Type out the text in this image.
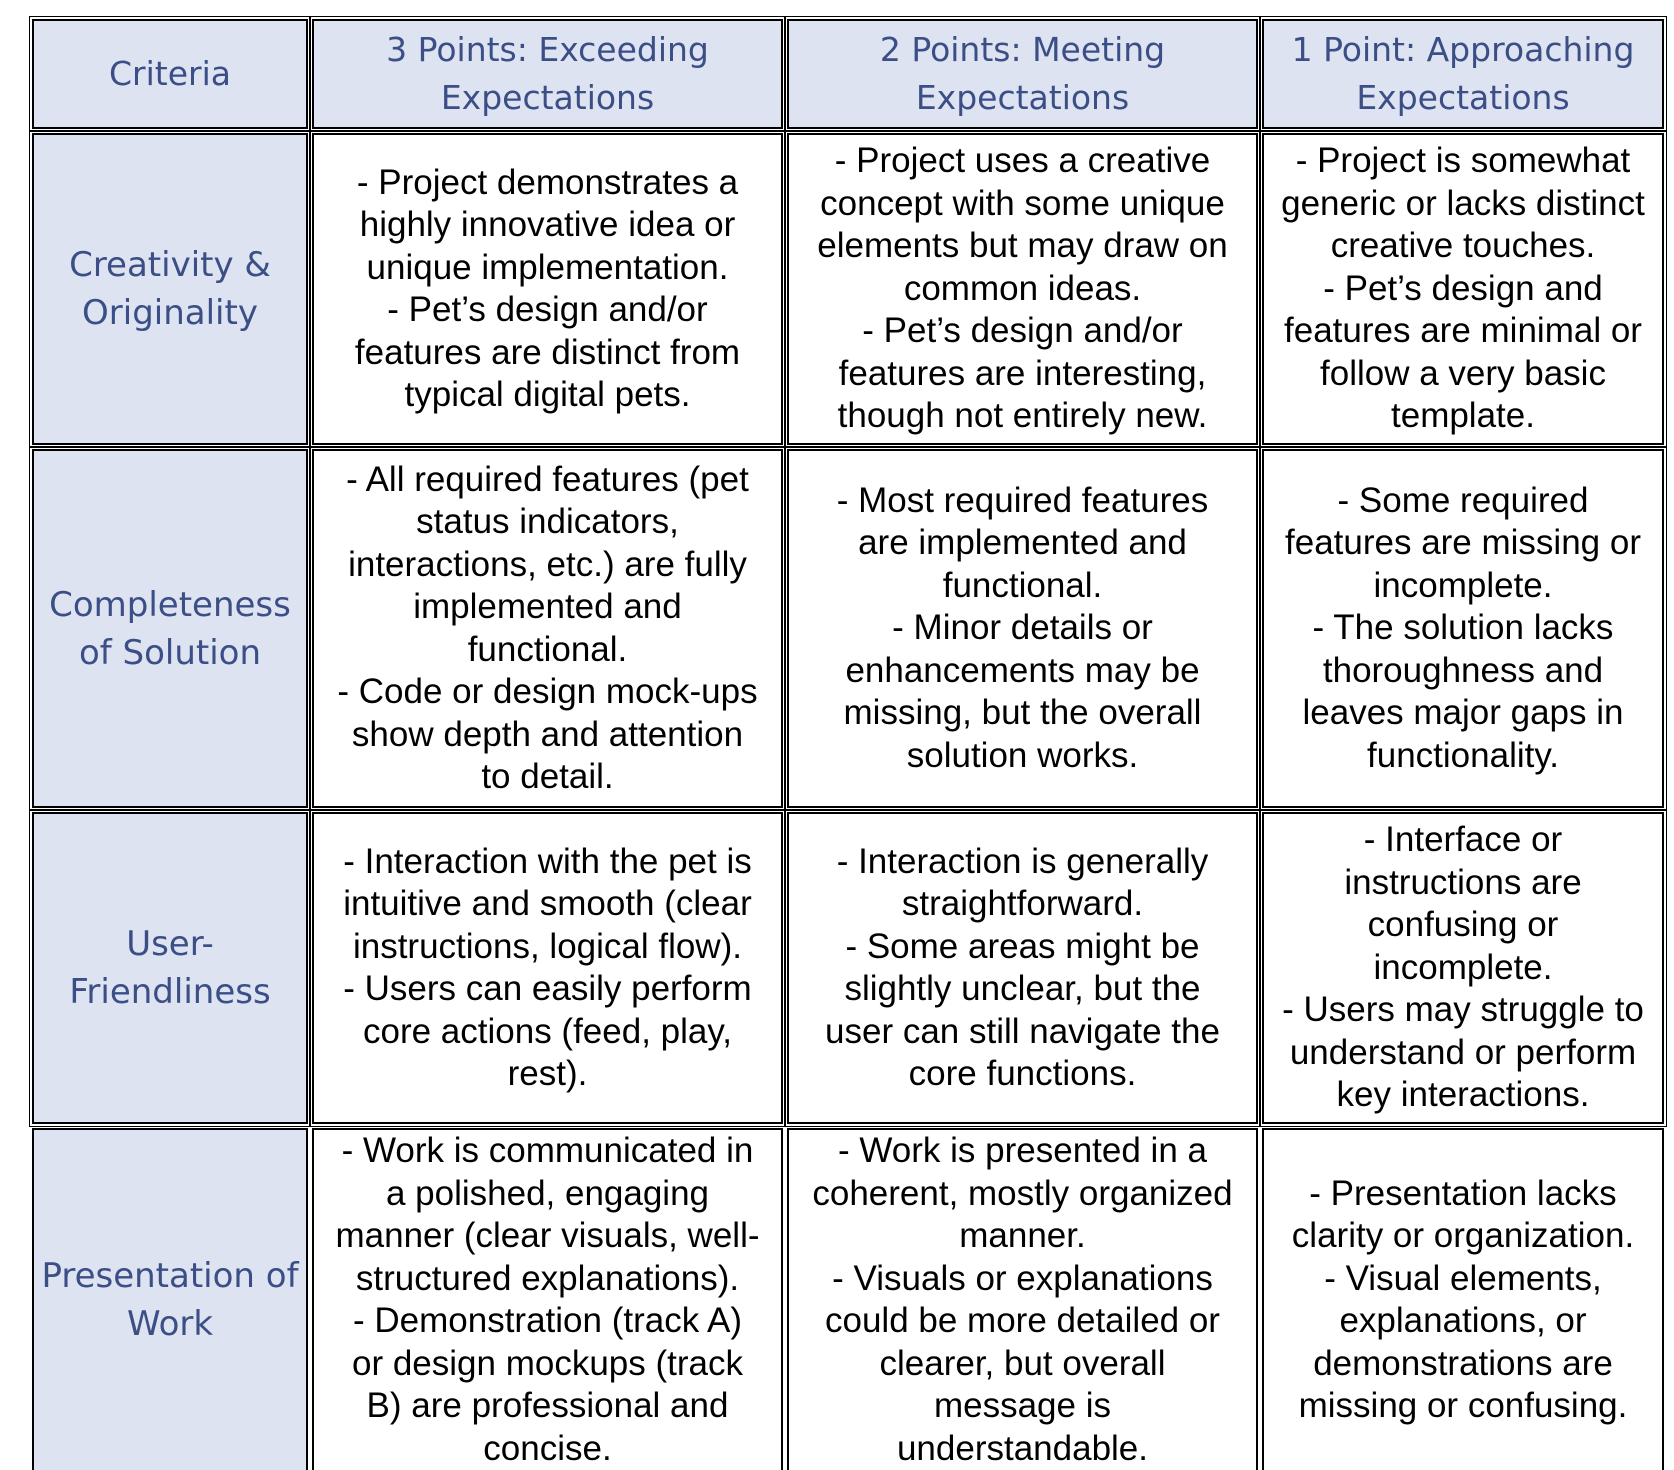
Criteria
3 Points: Exceeding
Expectations
2 Points: Meeting
Expectations
1 Point: Approaching
Expectations
Creativity &
Originality
- Project demonstrates a
highly innovative idea or
unique implementation.
- Pet’s design and/or
features are distinct from
typical digital pets.
- Project uses a creative
concept with some unique
elements but may draw on
common ideas.
- Pet’s design and/or
features are interesting,
though not entirely new.
- Project is somewhat
generic or lacks distinct
creative touches.
- Pet’s design and
features are minimal or
follow a very basic
template.
Completeness
of Solution
- All required features (pet
status indicators,
interactions, etc.) are fully
implemented and
functional.
- Code or design mock-ups
show depth and attention
to detail.
- Most required features
are implemented and
functional.
- Minor details or
enhancements may be
missing, but the overall
solution works.
- Some required
features are missing or
incomplete.
- The solution lacks
thoroughness and
leaves major gaps in
functionality.
User-
Friendliness
- Interaction with the pet is
intuitive and smooth (clear
instructions, logical flow).
- Users can easily perform
core actions (feed, play,
rest).
- Interaction is generally
straightforward.
- Some areas might be
slightly unclear, but the
user can still navigate the
core functions.
- Interface or
instructions are
confusing or
incomplete.
- Users may struggle to
understand or perform
key interactions.
Presentation of
Work
- Work is communicated in
a polished, engaging
manner (clear visuals, well-
structured explanations).
- Demonstration (track A)
or design mockups (track
B) are professional and
concise.
- Work is presented in a
coherent, mostly organized
manner.
- Visuals or explanations
could be more detailed or
clearer, but overall
message is
understandable.
- Presentation lacks
clarity or organization.
- Visual elements,
explanations, or
demonstrations are
missing or confusing.
